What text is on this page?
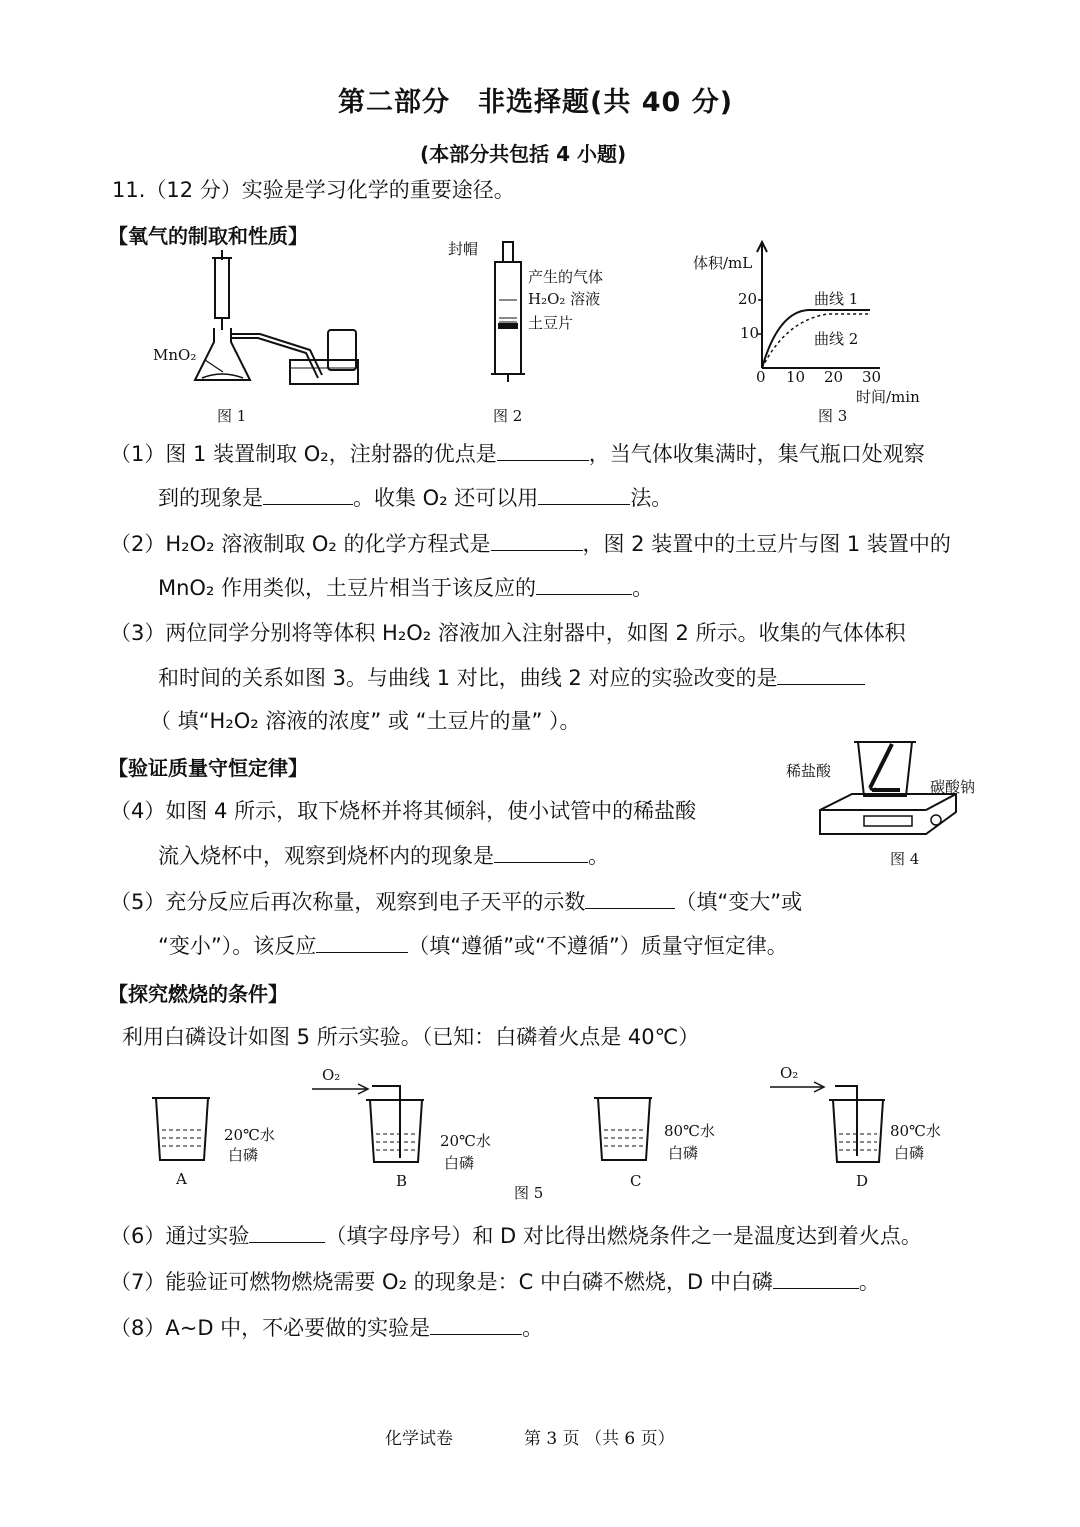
第二部分　非选择题(共 40 分)
(本部分共包括 4 小题)
11.（12 分）实验是学习化学的重要途径。
【氧气的制取和性质】
MnO₂
图 1
封帽
产生的气体
H₂O₂ 溶液
土豆片
图 2
体积/mL
20
10
曲线 1
曲线 2
0 10 20 30
时间/min
图 3
（1）图 1 装置制取 O₂，注射器的优点是	，当气体收集满时，集气瓶口处观察
到的现象是	。收集 O₂ 还可以用	法。
（2）H₂O₂ 溶液制取 O₂ 的化学方程式是	，图 2 装置中的土豆片与图 1 装置中的
MnO₂ 作用类似，土豆片相当于该反应的	。
（3）两位同学分别将等体积 H₂O₂ 溶液加入注射器中，如图 2 所示。收集的气体体积
和时间的关系如图 3。与曲线 1 对比，曲线 2 对应的实验改变的是
（ 填“H₂O₂ 溶液的浓度” 或 “土豆片的量” ）。
【验证质量守恒定律】	稀盐酸
碳酸钠
图 4
（4）如图 4 所示，取下烧杯并将其倾斜，使小试管中的稀盐酸
流入烧杯中，观察到烧杯内的现象是	。
（5）充分反应后再次称量，观察到电子天平的示数	（填“变大”或
“变小”）。该反应	（填“遵循”或“不遵循”）质量守恒定律。
【探究燃烧的条件】
利用白磷设计如图 5 所示实验。（已知：白磷着火点是 40℃）
O₂	O₂
20℃水
白磷
20℃水
白磷
80℃水
白磷
80℃水
白磷
A	B	C	D
图 5
（6）通过实验	（填字母序号）和 D 对比得出燃烧条件之一是温度达到着火点。
（7）能验证可燃物燃烧需要 O₂ 的现象是：C 中白磷不燃烧，D 中白磷	。
（8）A~D 中，不必要做的实验是	。
化学试卷	第 3 页 （共 6 页）
